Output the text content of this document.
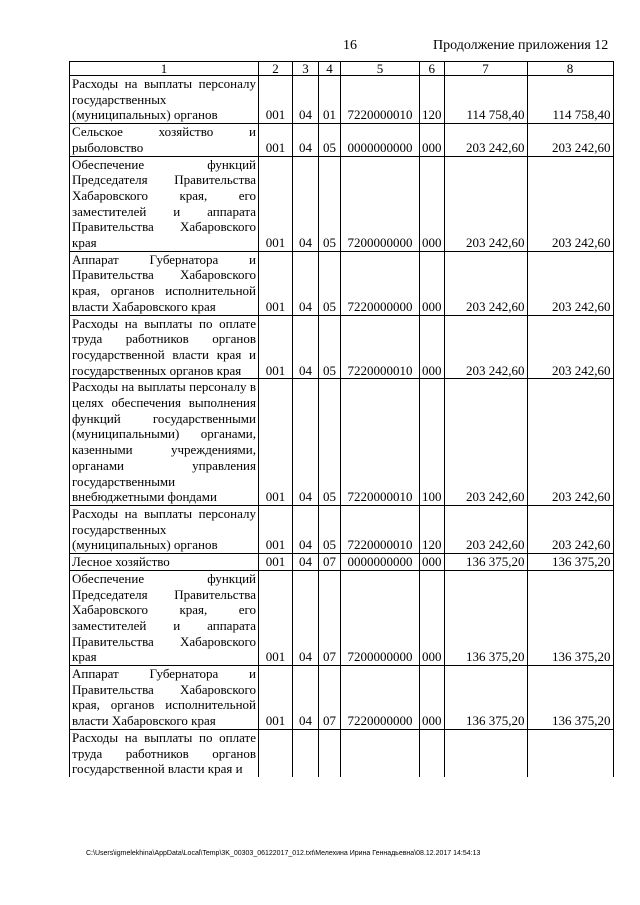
16	Продолжение приложения 12
1	2	3	4	5	6	7	8
Расходы на выплаты персоналу государственных (муниципальных) органов	001	04	01	7220000010	120	114 758,40	114 758,40
Сельское хозяйство и рыболовство	001	04	05	0000000000	000	203 242,60	203 242,60
Обеспечение функций Председателя Правительства Хабаровского края, его заместителей и аппарата Правительства Хабаровского края	001	04	05	7200000000	000	203 242,60	203 242,60
Аппарат Губернатора и Правительства Хабаровского края, органов исполнительной власти Хабаровского края	001	04	05	7220000000	000	203 242,60	203 242,60
Расходы на выплаты по оплате труда работников органов государственной власти края и государственных органов края	001	04	05	7220000010	000	203 242,60	203 242,60
Расходы на выплаты персоналу в целях обеспечения выполнения функций государственными (муниципальными) органами, казенными учреждениями, органами управления государственными внебюджетными фондами	001	04	05	7220000010	100	203 242,60	203 242,60
Расходы на выплаты персоналу государственных (муниципальных) органов	001	04	05	7220000010	120	203 242,60	203 242,60
Лесное хозяйство	001	04	07	0000000000	000	136 375,20	136 375,20
Обеспечение функций Председателя Правительства Хабаровского края, его заместителей и аппарата Правительства Хабаровского края	001	04	07	7200000000	000	136 375,20	136 375,20
Аппарат Губернатора и Правительства Хабаровского края, органов исполнительной власти Хабаровского края	001	04	07	7220000000	000	136 375,20	136 375,20
Расходы на выплаты по оплате труда работников органов государственной власти края и							
C:\Users\igmelekhina\AppData\Local\Temp\3K_00303_06122017_012.txt\Мелехина Ирина Геннадьевна\08.12.2017 14:54:13
